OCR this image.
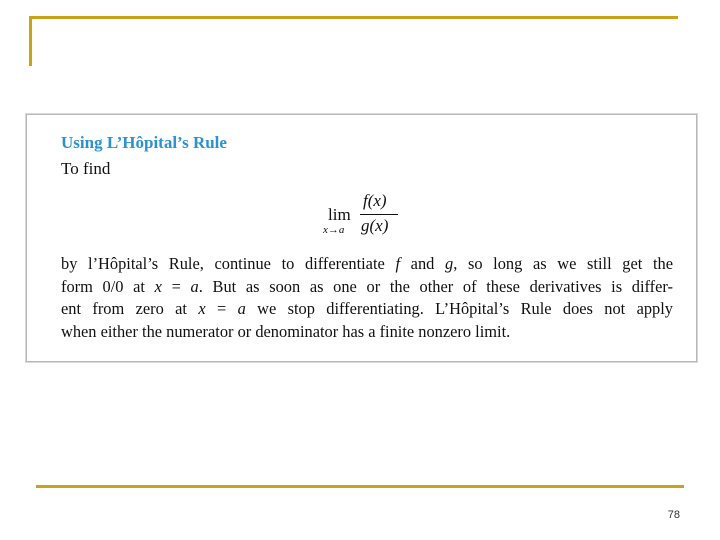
Using L’Hôpital’s Rule
To find
lim
x→a
f(x)
g(x)
by l’Hôpital’s Rule, continue to differentiate f and g, so long as we still get the
form 0/0 at x = a. But as soon as one or the other of these derivatives is differ-
ent from zero at x = a we stop differentiating. L’Hôpital’s Rule does not apply
when either the numerator or denominator has a finite nonzero limit.
78
